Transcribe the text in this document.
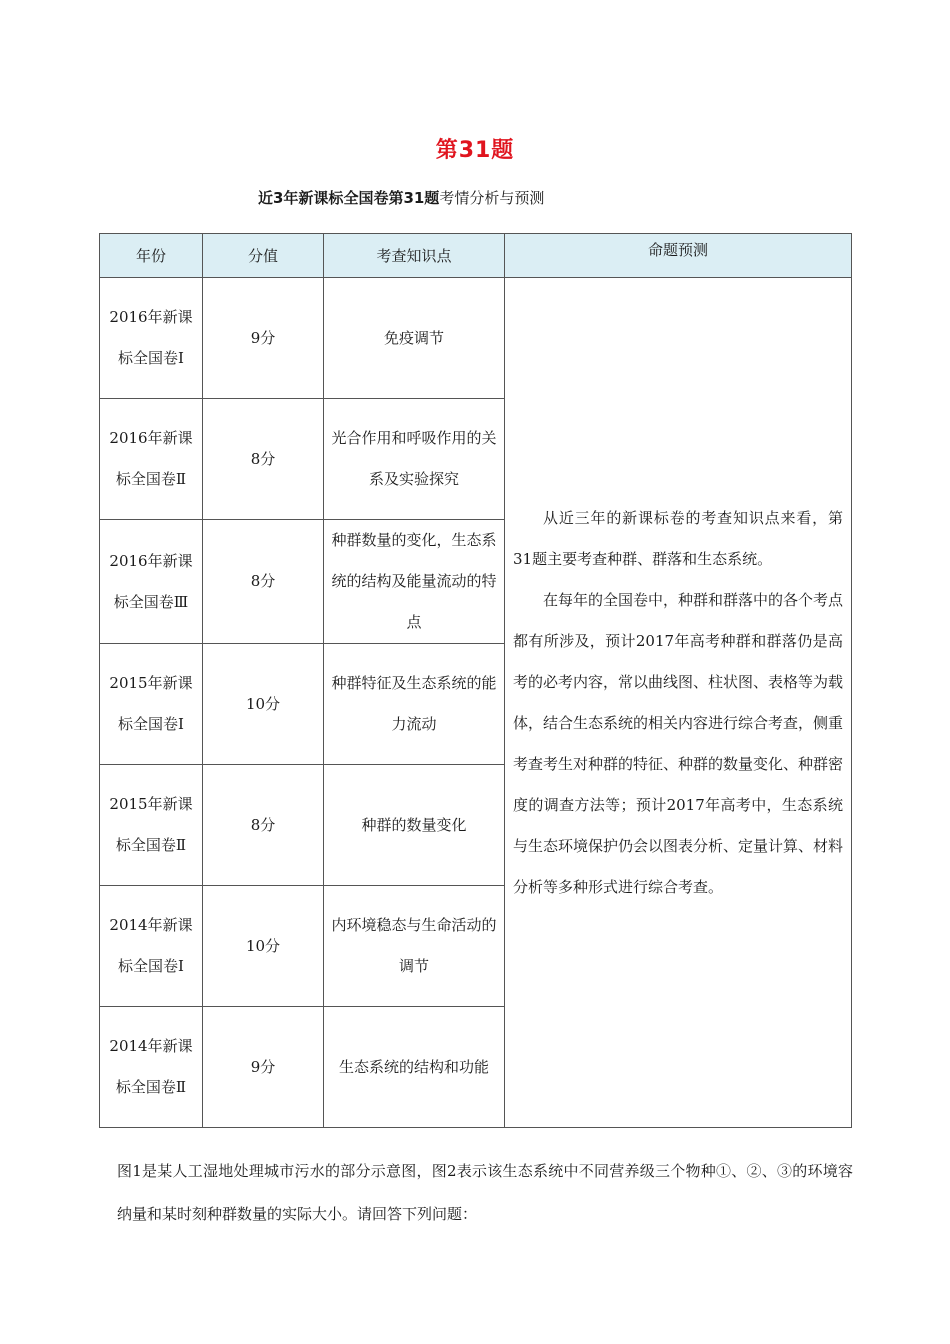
第31题
近3年新课标全国卷第31题考情分析与预测
年份	分值	考查知识点	命题预测
2016年新课标全国卷Ⅰ	9分	免疫调节	从近三年的新课标卷的考查知识点来看，第31题主要考查种群、群落和生态系统。

在每年的全国卷中，种群和群落中的各个考点都有所涉及，预计2017年高考种群和群落仍是高考的必考内容，常以曲线图、柱状图、表格等为载体，结合生态系统的相关内容进行综合考查，侧重考查考生对种群的特征、种群的数量变化、种群密度的调查方法等；预计2017年高考中，生态系统与生态环境保护仍会以图表分析、定量计算、材料分析等多种形式进行综合考查。

2016年新课标全国卷Ⅱ	8分	光合作用和呼吸作用的关系及实验探究	
2016年新课标全国卷Ⅲ	8分	种群数量的变化，生态系统的结构及能量流动的特点	
2015年新课标全国卷Ⅰ	10分	种群特征及生态系统的能力流动	
2015年新课标全国卷Ⅱ	8分	种群的数量变化	
2014年新课标全国卷Ⅰ	10分	内环境稳态与生命活动的调节	
2014年新课标全国卷Ⅱ	9分	生态系统的结构和功能	
图1是某人工湿地处理城市污水的部分示意图，图2表示该生态系统中不同营养级三个物种①、②、③的环境容纳量和某时刻种群数量的实际大小。请回答下列问题：
